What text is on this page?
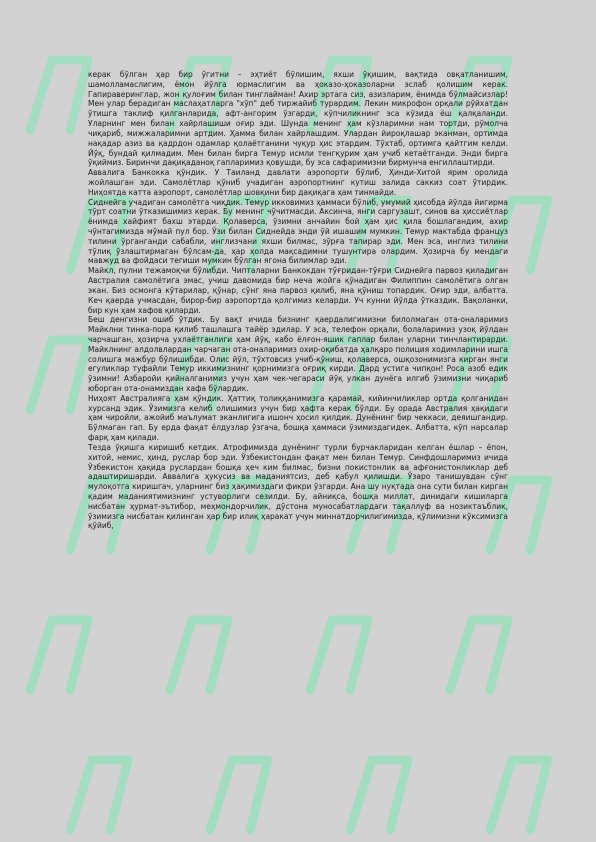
керак бўлган ҳар бир ўгитни – эҳтиёт бўлишим, яхши ўқишим, вақтида овқатланишим, шамолламаслигим, ёмон йўлга юрмаслигим ва ҳоказо-ҳоказоларни эслаб қолишим керак. Гапираверинглар, жон қулоғим билан тинглайман! Ахир эртага сиз, азизларим, ёнимда бўлмайсизлар! Мен улар берадиган маслаҳатларга "хўп" деб тиржайиб турардим. Лекин микрофон орқали рўйхатдан ўтишга таклиф қилганларида, афт-ангорим ўзгарди, кўпчиликнинг эса кўзида ёш қалқаланди. Уларнинг мен билан хайрлашиши оғир эди. Шунда менинг ҳам кўзларимни нам тортди, рўмолча чиқариб, мижжаларимни артдим. Ҳамма билан хайрлашдим. Улардан йироқлашар эканман, ортимда нақадар азиз ва қадрдон одамлар қолаётганини чуқур ҳис этардим. Тўхтаб, ортимга қайтгим келди. Йўқ, бундай қилмадим. Мен билан бирга Темур исмли тенгқурим ҳам учиб кетаётганди. Энди бирга ўқиймиз. Биринчи дақиқаданоқ гапларимиз қовушди, бу эса сафаримизни бирмунча енгиллаштирди.

Аввалига Банкокка қўндик. У Таиланд давлати аэропорти бўлиб, Ҳинди-Хитой ярим оролида жойлашган эди. Самолётлар қўниб учадиган аэропортнинг кутиш залида саккиз соат ўтирдик. Ниҳоятда катта аэропорт, самолётлар шовқини бир дақиқага ҳам тинмайди.

Сиднейга учадиган самолётга чиқдик. Темур икковимиз ҳаммаси бўлиб, умумий ҳисобда йўлда йигирма тўрт соатни ўтказишимиз керак. Бу менинг чўчитмасди. Аксинча, янги саргузашт, синов ва ҳиссиётлар ёнимда хайфият бахш этарди. Қолаверса, ўзимни анчайин бой ҳам ҳис қила бошлагандим, ахир чўнтагимизда мўмай пул бор. Ўзи билан Сиднейда энди ўй ишашим мумкин. Темур мактабда француз тилини ўрганганди сабабли, инглизчани яхши билмас, зўрға тапирар эди. Мен эса, инглиз тилини тўлиқ ўзлаштирмаган бўлсам-да, ҳар ҳолда мақсадимни тушунтира олардим. Ҳозирча бу мендаги мавжуд ва фойдаси тегиши мумкин бўлган ягона билимлар эди.

Майкл, пулни тежамоқчи бўлибди. Чипталарни Банкокдан тўғридан-тўғри Сиднейга парвоз қиладиган Австралия самолётига эмас, учиш давомида бир неча жойга қўнадиган Филиппин самолётига олган экан. Биз осмонга кўтарилар, қўнар, сўнг яна парвоз қилиб, яна қўниш топардик. Оғир эди, албатта. Кеч қаерда учмасдан, бирор-бир аэропортда қолгимиз келарди. Уч кунни йўлда ўтказдик. Вақоланки, бир кун ҳам хафов қиларди.

Беш денгизни ошиб ўтдик. Бу вақт ичида бизнинг қаердалигимизни билолмаган ота-оналаримиз Майклни тинка-пора қилиб ташлашга тайёр эдилар. У эса, телефон орқали, болаларимиз узоқ йўлдан чарчашган, ҳозирча ухлаётганлиги ҳам йўқ, кабо ёлғон-яшик гаплар билан уларни тинчлантирарди. Майклнинг алдолвлардан чарчаган ота-оналаримиз охир-оқибатда ҳалқаро полиция ходимларини ишга солишга мажбур бўлишибди. Олис йўл, тўхтовсиз учиб-қўниш, қолаверса, ошқозонимизга кирган янги егуликлар туфайли Темур иккимизнинг қорнимизга оғриқ кирди. Дард устига чипқон! Роса азоб едик ўзимни! Азбаройи қийналганимиз учун ҳам чек-чегараси йўқ улкан дунёга илгиб ўзимизни чиқариб юборган ота-онамиздан хафа бўлардик.

Ниҳоят Австралияга ҳам қўндик. Ҳаттиқ толиққанимизга қарамай, кийинчиликлар ортда қолганидан хурсанд эдик. Ўзимизга келиб олишимиз учун бир ҳафта керак бўлди. Бу орада Австралия ҳақидаги ҳам чиройли, ажойиб маълумат эканлигига ишонч ҳосил қилдик. Дунёнинг бир чеккаси, деяишгандир. Бўлмаган гап. Бу ерда фақат ёлдузлар ўзгача, бошқа ҳаммаси ўзимиздагидек. Албатта, кўп нарсалар фарқ ҳам қилади.

Тезда ўқишга киришиб кетдик. Атрофимизда дунёнинг турли бурчакларидан келган ёшлар – ёпон, хитой, немис, ҳинд, руслар бор эди. Ўзбекистондан фақат мен билан Темур. Синфдошларимиз ичида Ўзбекистон ҳақида руслардан бошқа ҳеч ким билмас, бизни покистонлик ва афғонистонликлар деб адаштиришарди. Аввалига ҳукусиз ва маданиятсиз, деб қабул қилишди. Ўзаро танишувдан сўнг мулоқотга киришгач, уларнинг биз ҳақимиздаги фикри ўзгарди. Ана шу нуқтада она сути билан кирган қадим маданиятимизнинг устуворлиги сезилди. Бу, айниқса, бошқа миллат, динидаги кишиларга нисбатан ҳурмат-эътибор, меҳмондорчилик, дўстона муносабатлардаги тақаллуф ва нозиктаъблик, ўзимизга нисбатан қилинган ҳар бир илиқ ҳаракат учун миннатдорчилигимизда, қўлимизни кўксимизга қўйиб,
